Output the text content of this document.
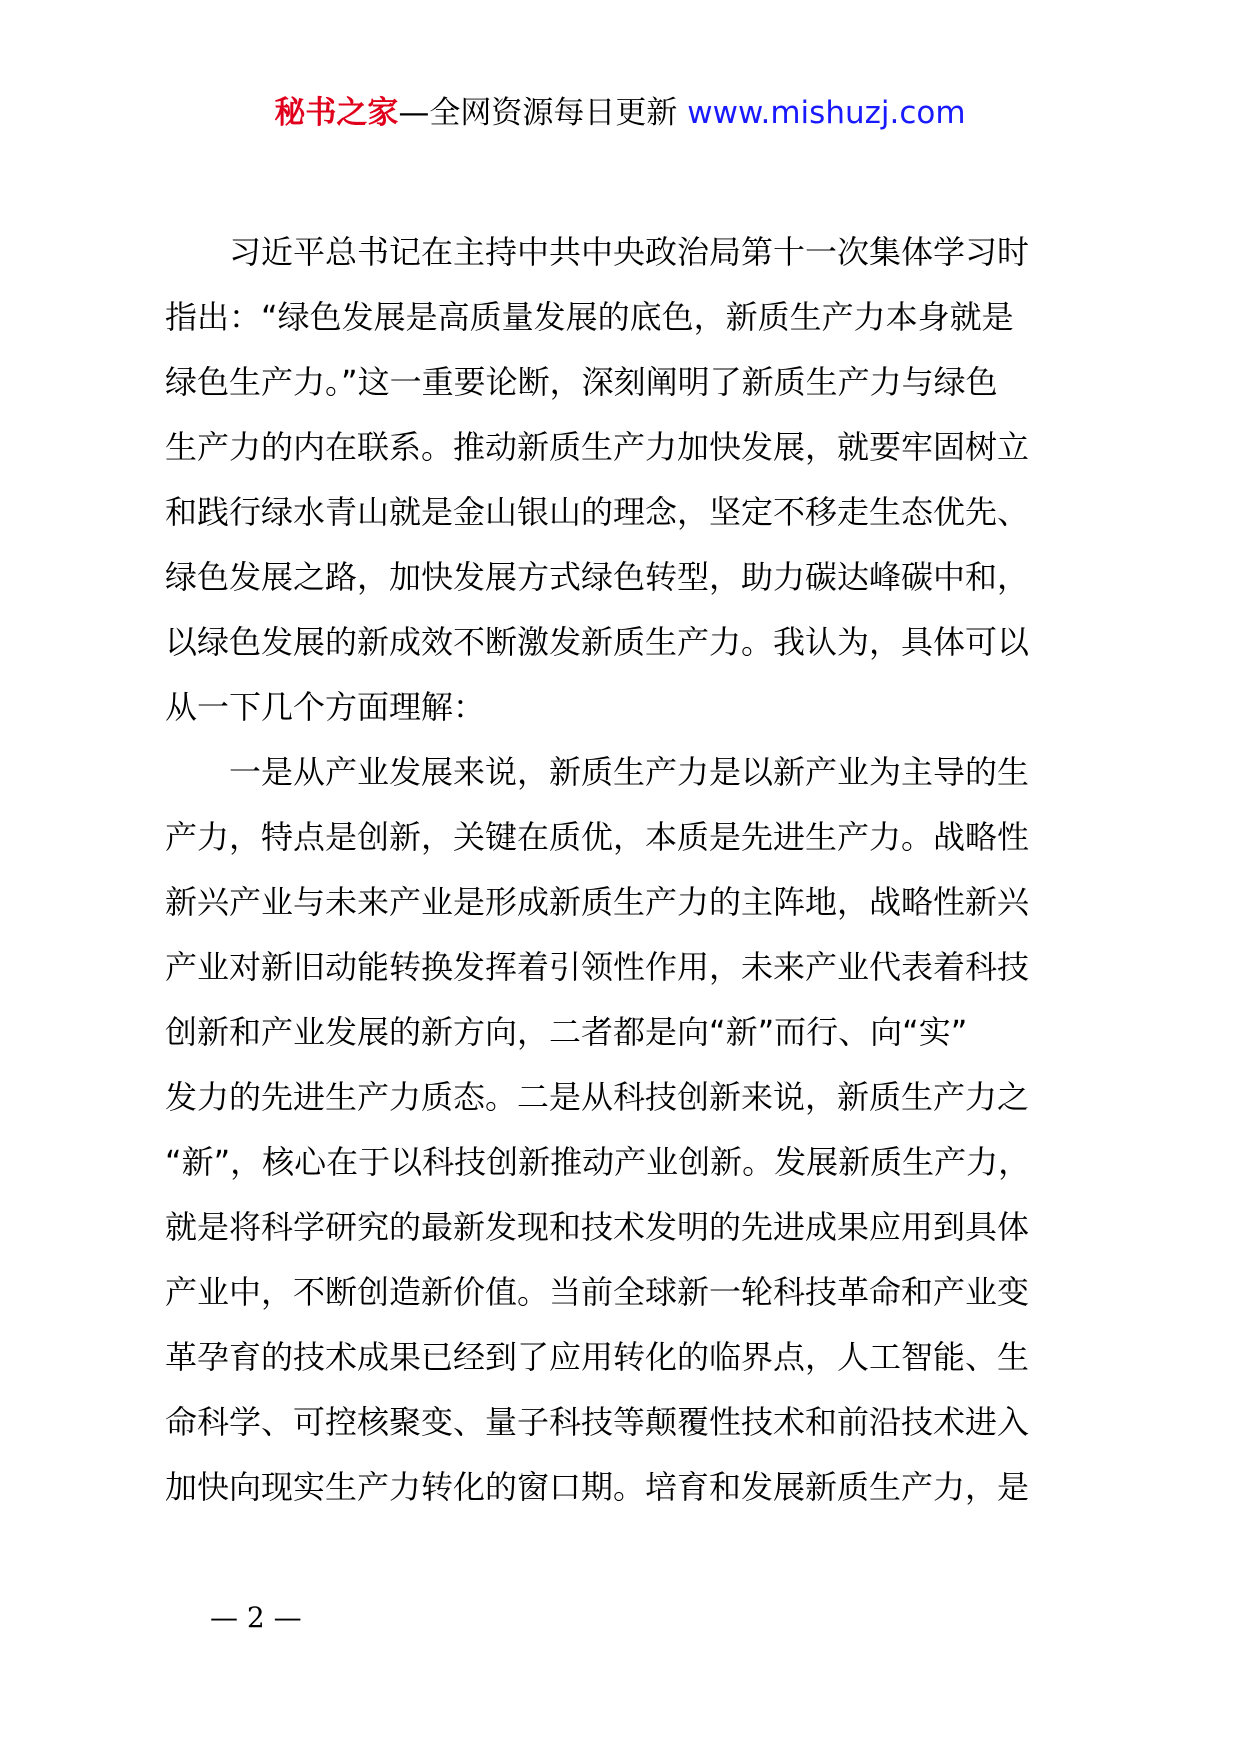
秘书之家—全网资源每日更新 www.mishuzj.com
习近平总书记在主持中共中央政治局第十一次集体学习时
指出：“绿色发展是高质量发展的底色，新质生产力本身就是
绿色生产力。”这一重要论断，深刻阐明了新质生产力与绿色
生产力的内在联系。推动新质生产力加快发展，就要牢固树立
和践行绿水青山就是金山银山的理念，坚定不移走生态优先、
绿色发展之路，加快发展方式绿色转型，助力碳达峰碳中和，
以绿色发展的新成效不断激发新质生产力。我认为，具体可以
从一下几个方面理解：
一是从产业发展来说，新质生产力是以新产业为主导的生
产力，特点是创新，关键在质优，本质是先进生产力。战略性
新兴产业与未来产业是形成新质生产力的主阵地，战略性新兴
产业对新旧动能转换发挥着引领性作用，未来产业代表着科技
创新和产业发展的新方向，二者都是向“新”而行、向“实”
发力的先进生产力质态。二是从科技创新来说，新质生产力之
“新”，核心在于以科技创新推动产业创新。发展新质生产力，
就是将科学研究的最新发现和技术发明的先进成果应用到具体
产业中，不断创造新价值。当前全球新一轮科技革命和产业变
革孕育的技术成果已经到了应用转化的临界点，人工智能、生
命科学、可控核聚变、量子科技等颠覆性技术和前沿技术进入
加快向现实生产力转化的窗口期。培育和发展新质生产力，是
— 2 —
